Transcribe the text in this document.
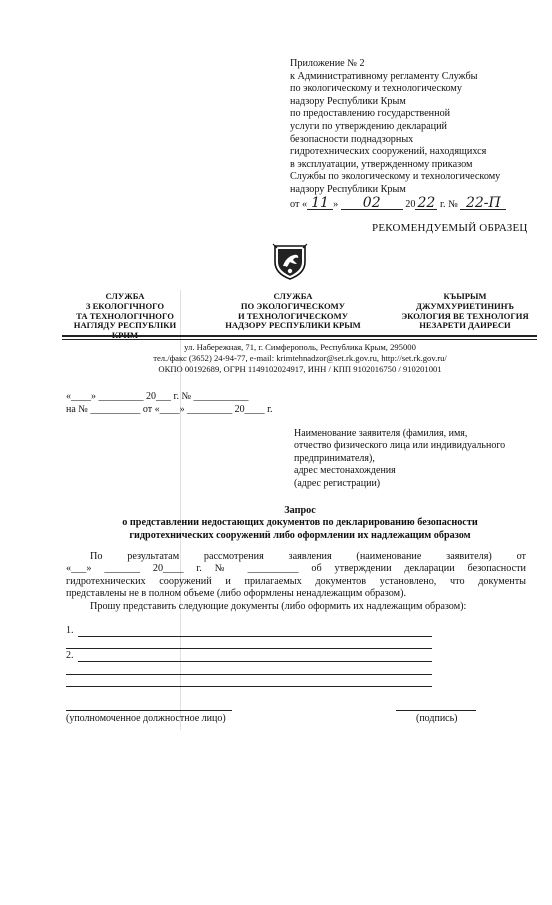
Приложение № 2
к Административному регламенту Службы
по экологическому и технологическому
надзору Республики Крым
по предоставлению государственной
услуги по утверждению деклараций
безопасности поднадзорных
гидротехнических сооружений, находящихся
в эксплуатации, утвержденному приказом
Службы по экологическому и технологическому
надзору Республики Крым
от « 11 » 02 20 22 г. № 22-П
РЕКОМЕНДУЕМЫЙ ОБРАЗЕЦ
СЛУЖБА
З ЕКОЛОГІЧНОГО
ТА ТЕХНОЛОГІЧНОГО
НАГЛЯДУ РЕСПУБЛІКИ
СЛУЖБА
ПО ЭКОЛОГИЧЕСКОМУ
И ТЕХНОЛОГИЧЕСКОМУ
НАДЗОРУ РЕСПУБЛИКИ КРЫМ
КЪЫРЫМ
ДЖУМХУРИЕТИНИНЪ
ЭКОЛОГИЯ ВЕ ТЕХНОЛОГИЯ
НЕЗАРЕТИ ДАИРЕСИ
ул. Набережная, 71, г. Симферополь, Республика Крым, 295000
тел./факс (3652) 24-94-77, e-mail: krimtehnadzor@set.rk.gov.ru, http://set.rk.gov.ru/
ОКПО 00192689, ОГРН 1149102024917, ИНН / КПП 9102016750 / 910201001
«____» _________ 20___ г. № ___________
на № __________ от «____» _________ 20____ г.
Наименование заявителя (фамилия, имя,
отчество физического лица или индивидуального
предпринимателя),
адрес местонахождения
(адрес регистрации)
Запрос
о представлении недостающих документов по декларированию безопасности
гидротехнических сооружений либо оформлении их надлежащим образом
По результатам рассмотрения заявления (наименование заявителя) от
«___» _______ 20____ г. № __________ об утверждении декларации безопасности
гидротехнических сооружений и прилагаемых документов установлено, что документы
представлены не в полном объеме (либо оформлены ненадлежащим образом).
Прошу представить следующие документы (либо оформить их надлежащим образом):
1.
2.
(уполномоченное должностное лицо)	(подпись)
